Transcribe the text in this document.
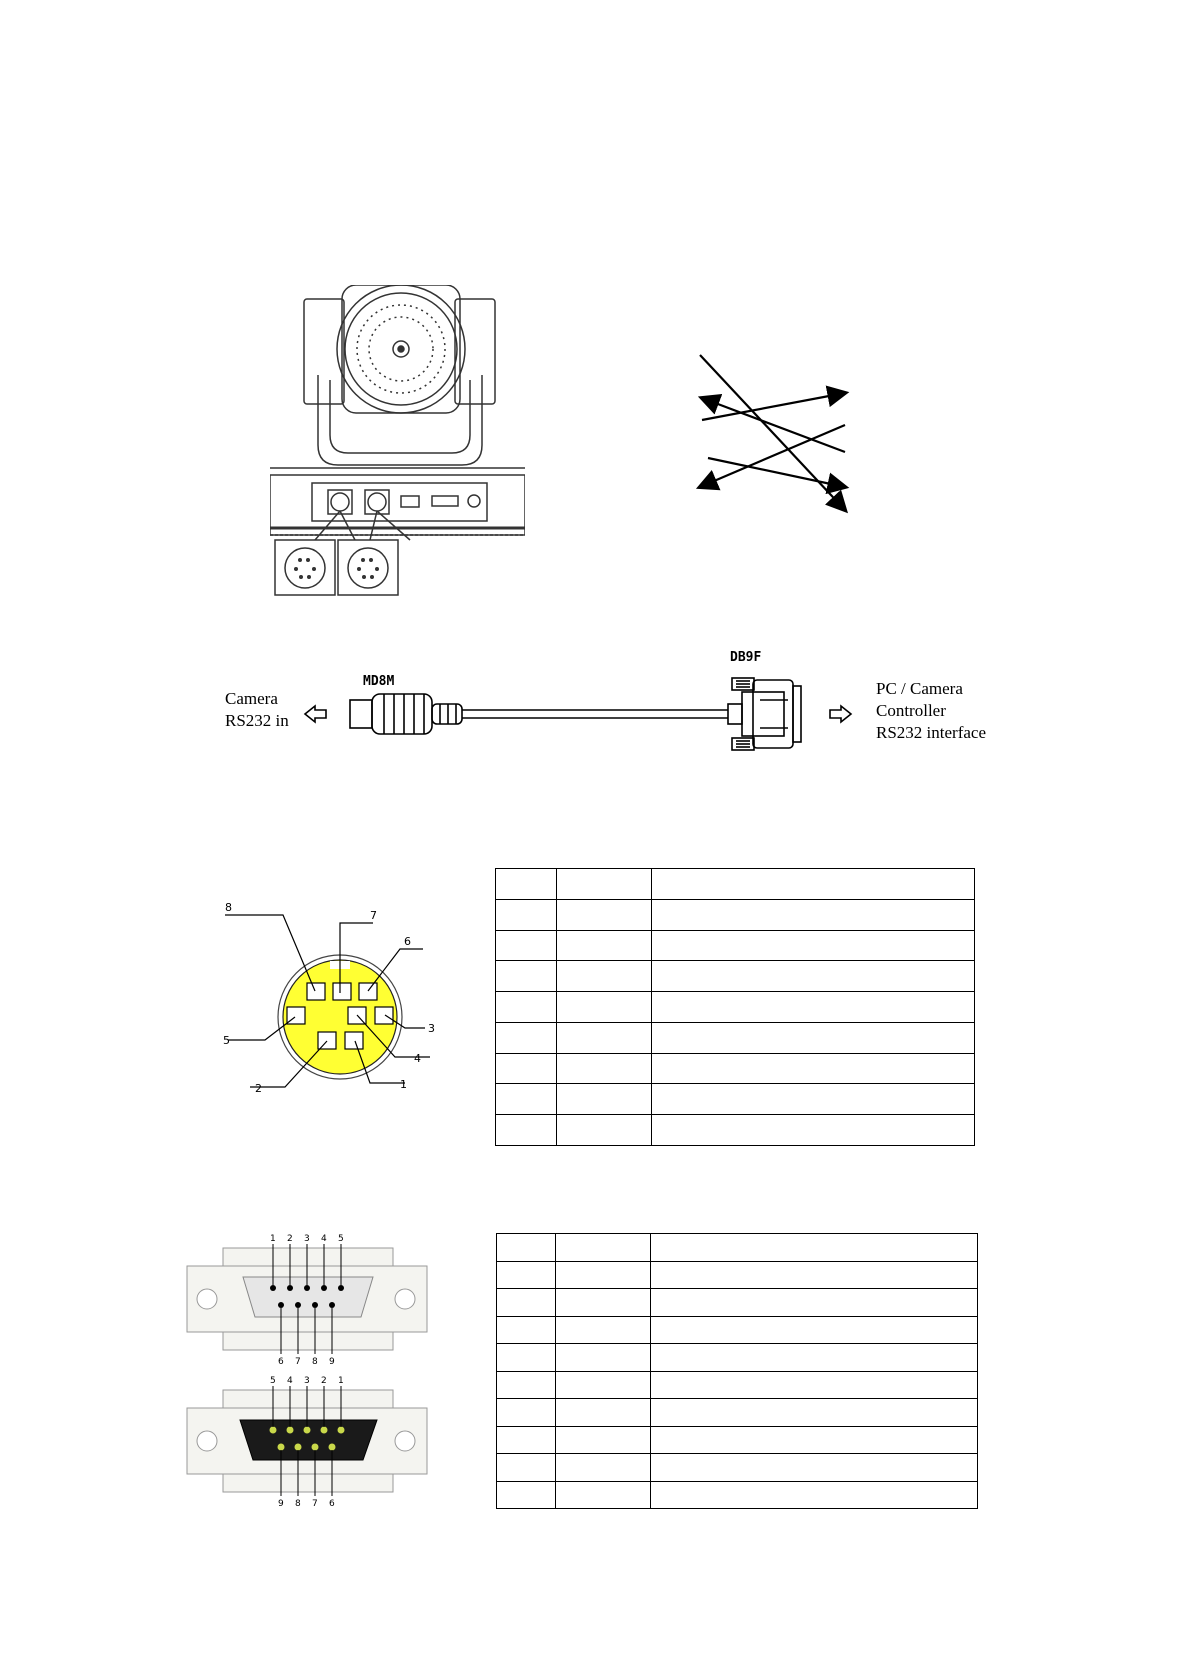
Camera
RS232 in
PC / Camera
Controller
RS232 interface
MD8M
DB9F
8
7
6
5
3
4
2	1

1 2 3 4 5
6 7 8 9
5 4 3 2 1
9 8 7 6
